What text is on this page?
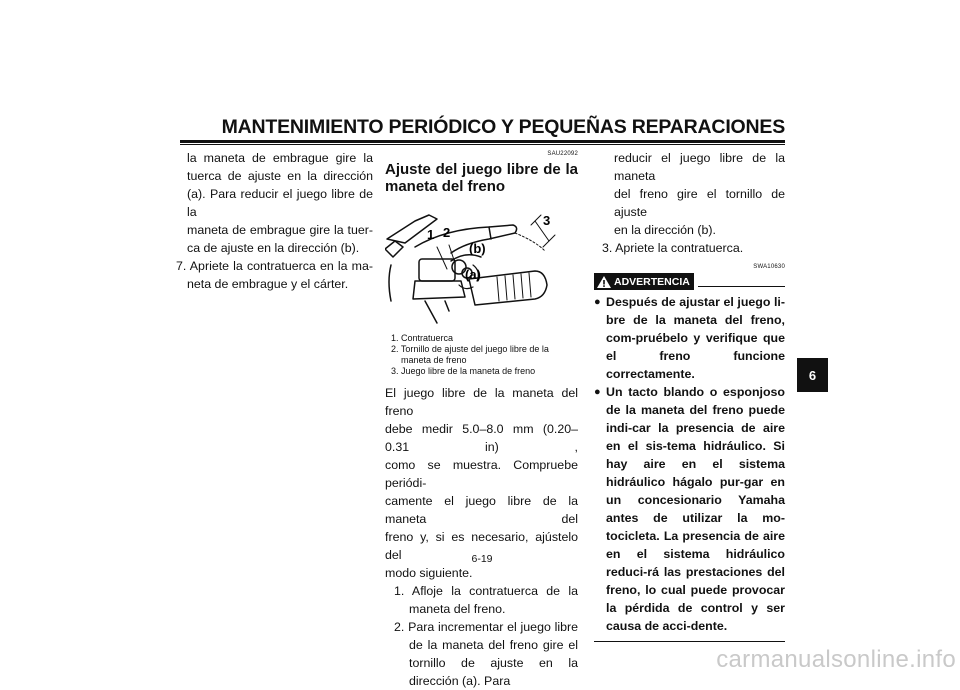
MANTENIMIENTO PERIÓDICO Y PEQUEÑAS REPARACIONES

la maneta de embrague gire la

tuerca de ajuste en la dirección

(a). Para reducir el juego libre de la

maneta de embrague gire la tuer-

ca de ajuste en la dirección (b).

7. Apriete la contratuerca en la ma-

neta de embrague y el cárter.

SAU22092
Ajuste del juego libre de la
maneta del freno
1 2
3
(b)
(a)
1. Contratuerca
2. Tornillo de ajuste del juego libre de la maneta de freno
3. Juego libre de la maneta de freno

El juego libre de la maneta del freno

debe medir 5.0–8.0 mm (0.20–0.31 in) ,

como se muestra. Compruebe periódi-

camente el juego libre de la maneta del

freno y, si es necesario, ajústelo del

modo siguiente.

1. Afloje la contratuerca de la maneta del freno.
2. Para incrementar el juego libre de la maneta del freno gire el tornillo de ajuste en la dirección (a). Para

reducir el juego libre de la maneta

del freno gire el tornillo de ajuste

en la dirección (b).

3. Apriete la contratuerca.

SWA10630
ADVERTENCIA
● Después de ajustar el juego li-bre de la maneta del freno, com-pruébelo y verifique que el freno funcione correctamente.
● Un tacto blando o esponjoso de la maneta del freno puede indi-car la presencia de aire en el sis-tema hidráulico. Si hay aire en el sistema hidráulico hágalo pur-gar en un concesionario Yamaha antes de utilizar la mo-tocicleta. La presencia de aire en el sistema hidráulico reduci-rá las prestaciones del freno, lo cual puede provocar la pérdida de control y ser causa de acci-dente.
6
6-19
carmanualsonline.info
